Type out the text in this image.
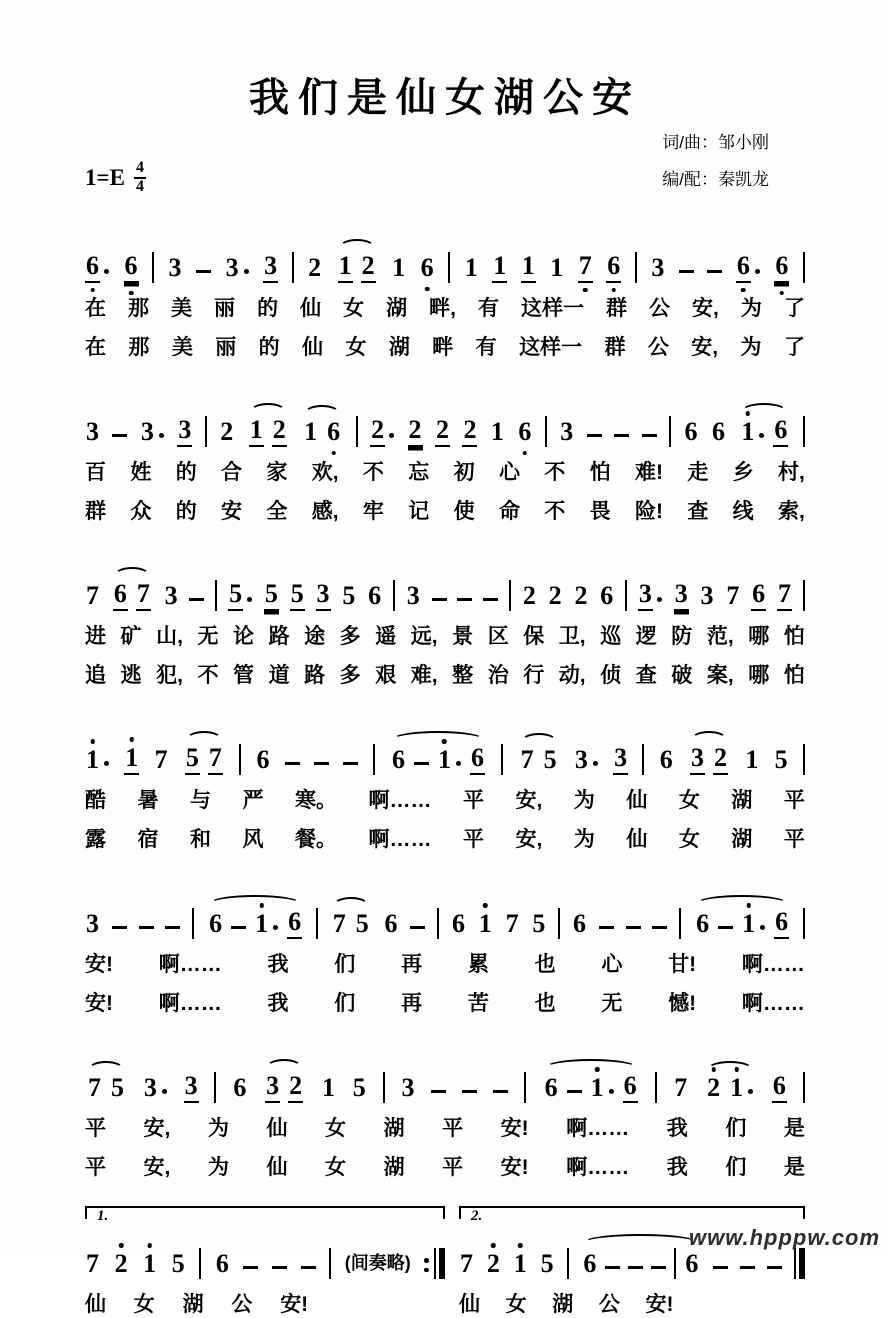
我们是仙女湖公安
$1=E \frac{4}{4}$
词/曲：邹小刚
编/配：秦凯龙
6 6 3 3 3 2 1 2 1 6 1 1 1 1 7 6 3	6 6
在 那 美 丽 的 仙 女 湖 畔, 有 这样一 群 公 安, 为 了
在 那 美 丽 的 仙 女 湖 畔 有 这样一 群 公 安, 为 了
3 3 3 2 1 2 1 6 2 2 2 2 1 6 3	6 6 1 6
百 姓 的 合 家 欢, 不 忘 初 心 不 怕 难! 走 乡 村,
群 众 的 安 全 感, 牢 记 使 命 不 畏 险! 查 线 索,
7 6 7 3 5 5 5 3 5 6 3	2 2 2 6 3 3 3 7 6 7
进 矿 山, 无 论 路 途 多 遥 远, 景 区 保 卫, 巡 逻 防 范, 哪 怕
追 逃 犯, 不 管 道 路 多 艰 难, 整 治 行 动, 侦 查 破 案, 哪 怕
1 1 7 5 7 6	6 1 6 7 5 3 3 6 3 2 1 5
酷 暑 与 严 寒。 啊…… 平 安, 为 仙 女 湖 平
露 宿 和 风 餐。 啊…… 平 安, 为 仙 女 湖 平
3	6 1 6 7 5 6 6 1 7 5 6	6 1 6
安! 啊…… 我 们 再 累 也 心 甘! 啊……
安! 啊…… 我 们 再 苦 也 无 憾! 啊……
7 5 3 3 6 3 2 1 5 3	6 1 6 7 2 1 6
平 安, 为 仙 女 湖 平 安! 啊…… 我 们 是
平 安, 为 仙 女 湖 平 安! 啊…… 我 们 是
1.
7 2 1 5 6	(间奏略)
仙 女 湖 公 安!
2.
7 2 1 5 6	6
仙 女 湖 公 安!
www.hpppw.com
